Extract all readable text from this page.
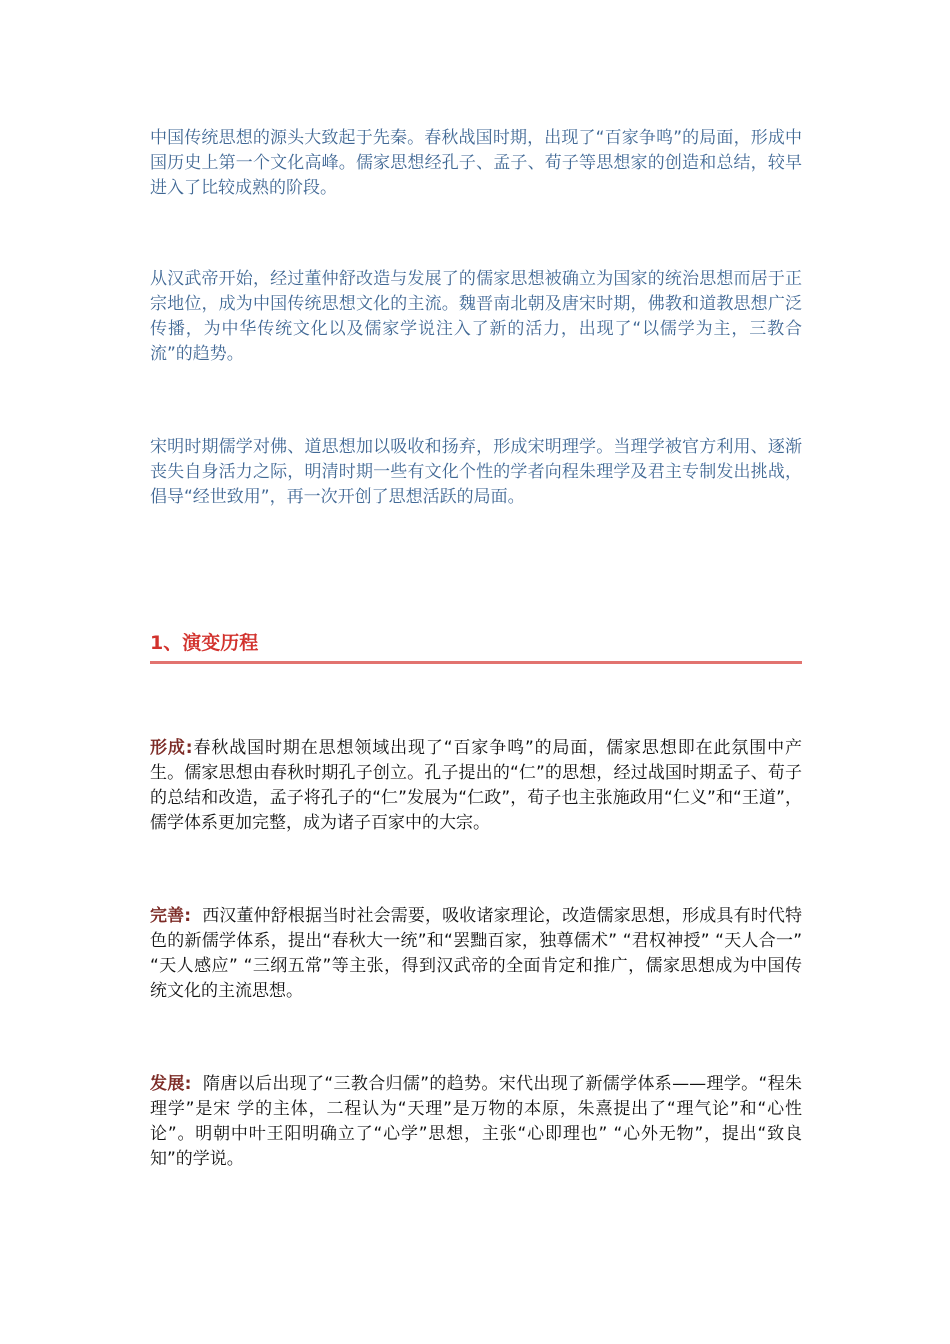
中国传统思想的源头大致起于先秦。春秋战国时期，出现了“百家争鸣”的局面，形成中国历史上第一个文化高峰。儒家思想经孔子、孟子、荀子等思想家的创造和总结，较早进入了比较成熟的阶段。

从汉武帝开始，经过董仲舒改造与发展了的儒家思想被确立为国家的统治思想而居于正宗地位，成为中国传统思想文化的主流。魏晋南北朝及唐宋时期，佛教和道教思想广泛传播，为中华传统文化以及儒家学说注入了新的活力，出现了“以儒学为主，三教合流”的趋势。

宋明时期儒学对佛、道思想加以吸收和扬弃，形成宋明理学。当理学被官方利用、逐渐丧失自身活力之际，明清时期一些有文化个性的学者向程朱理学及君主专制发出挑战，倡导“经世致用”，再一次开创了思想活跃的局面。

1、演变历程

形成:春秋战国时期在思想领域出现了“百家争鸣”的局面，儒家思想即在此氛围中产生。儒家思想由春秋时期孔子创立。孔子提出的“仁”的思想，经过战国时期孟子、荀子的总结和改造，孟子将孔子的“仁”发展为“仁政”，荀子也主张施政用“仁义”和“王道”，儒学体系更加完整，成为诸子百家中的大宗。

完善: 西汉董仲舒根据当时社会需要，吸收诸家理论，改造儒家思想，形成具有时代特色的新儒学体系，提出“春秋大一统”和“罢黜百家，独尊儒术” “君权神授” “天人合一” “天人感应” “三纲五常”等主张，得到汉武帝的全面肯定和推广，儒家思想成为中国传统文化的主流思想。

发展: 隋唐以后出现了“三教合归儒”的趋势。宋代出现了新儒学体系——理学。“程朱理学”是宋 学的主体，二程认为“天理”是万物的本原，朱熹提出了“理气论”和“心性论”。明朝中叶王阳明确立了“心学”思想，主张“心即理也” “心外无物”，提出“致良知”的学说。
